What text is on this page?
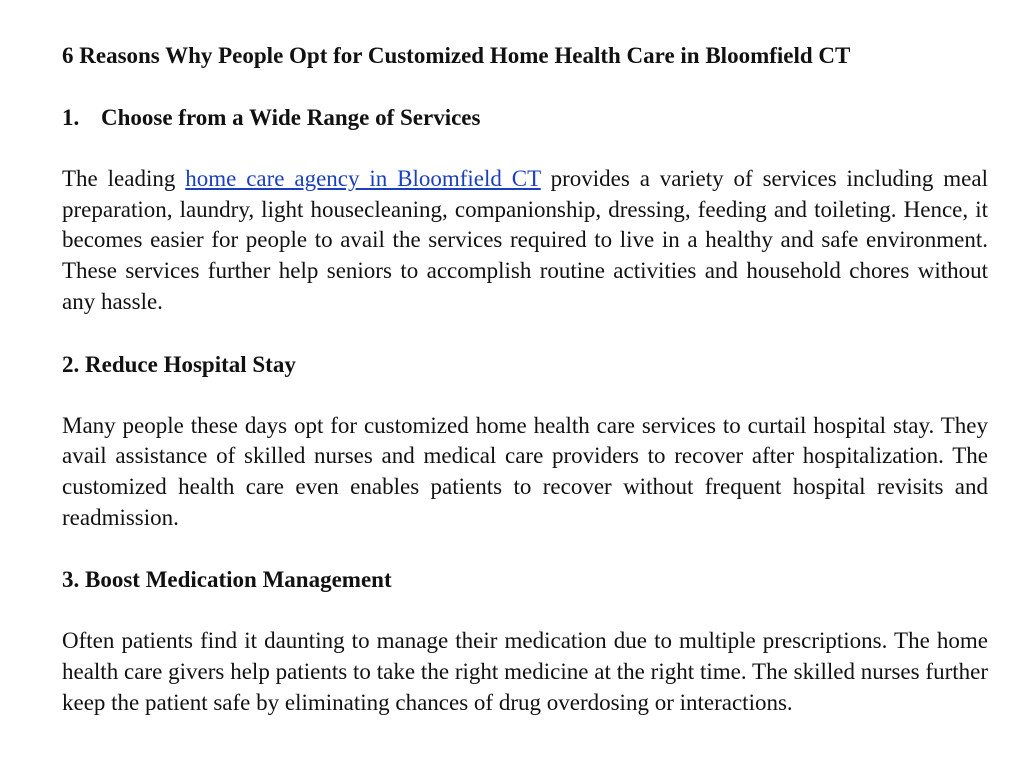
6 Reasons Why People Opt for Customized Home Health Care in Bloomfield CT
1. Choose from a Wide Range of Services
The leading home care agency in Bloomfield CT provides a variety of services including meal preparation, laundry, light housecleaning, companionship, dressing, feeding and toileting. Hence, it becomes easier for people to avail the services required to live in a healthy and safe environment. These services further help seniors to accomplish routine activities and household chores without any hassle.
2. Reduce Hospital Stay
Many people these days opt for customized home health care services to curtail hospital stay. They avail assistance of skilled nurses and medical care providers to recover after hospitalization. The customized health care even enables patients to recover without frequent hospital revisits and readmission.
3. Boost Medication Management
Often patients find it daunting to manage their medication due to multiple prescriptions. The home health care givers help patients to take the right medicine at the right time. The skilled nurses further keep the patient safe by eliminating chances of drug overdosing or interactions.
